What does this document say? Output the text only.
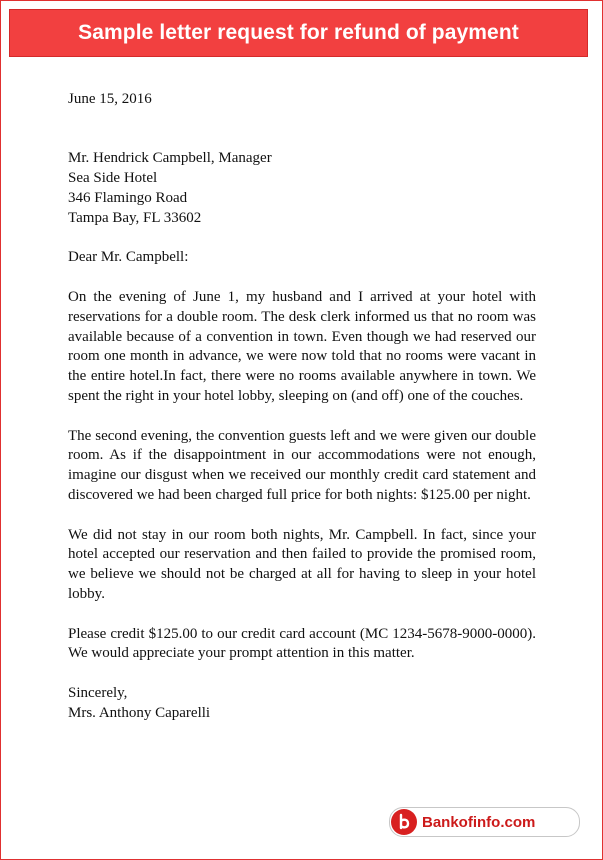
Sample letter request for refund of payment

June 15, 2016

Mr. Hendrick Campbell, Manager

Sea Side Hotel

346 Flamingo Road

Tampa Bay, FL 33602

Dear Mr. Campbell:

On the evening of June 1, my husband and I arrived at your hotel with reservations for a double room. The desk clerk informed us that no room was available because of a convention in town. Even though we had reserved our room one month in advance, we were now told that no rooms were vacant in the entire hotel.In fact, there were no rooms available anywhere in town. We spent the right in your hotel lobby, sleeping on (and off) one of the couches.

The second evening, the convention guests left and we were given our double room. As if the disappointment in our accommodations were not enough, imagine our disgust when we received our monthly credit card statement and discovered we had been charged full price for both nights: $125.00 per night.

We did not stay in our room both nights, Mr. Campbell. In fact, since your hotel accepted our reservation and then failed to provide the promised room, we believe we should not be charged at all for having to sleep in your hotel lobby.

Please credit $125.00 to our credit card account (MC 1234-5678-9000-0000). We would appreciate your prompt attention in this matter.

Sincerely,

Mrs. Anthony Caparelli

Bankofinfo.com
